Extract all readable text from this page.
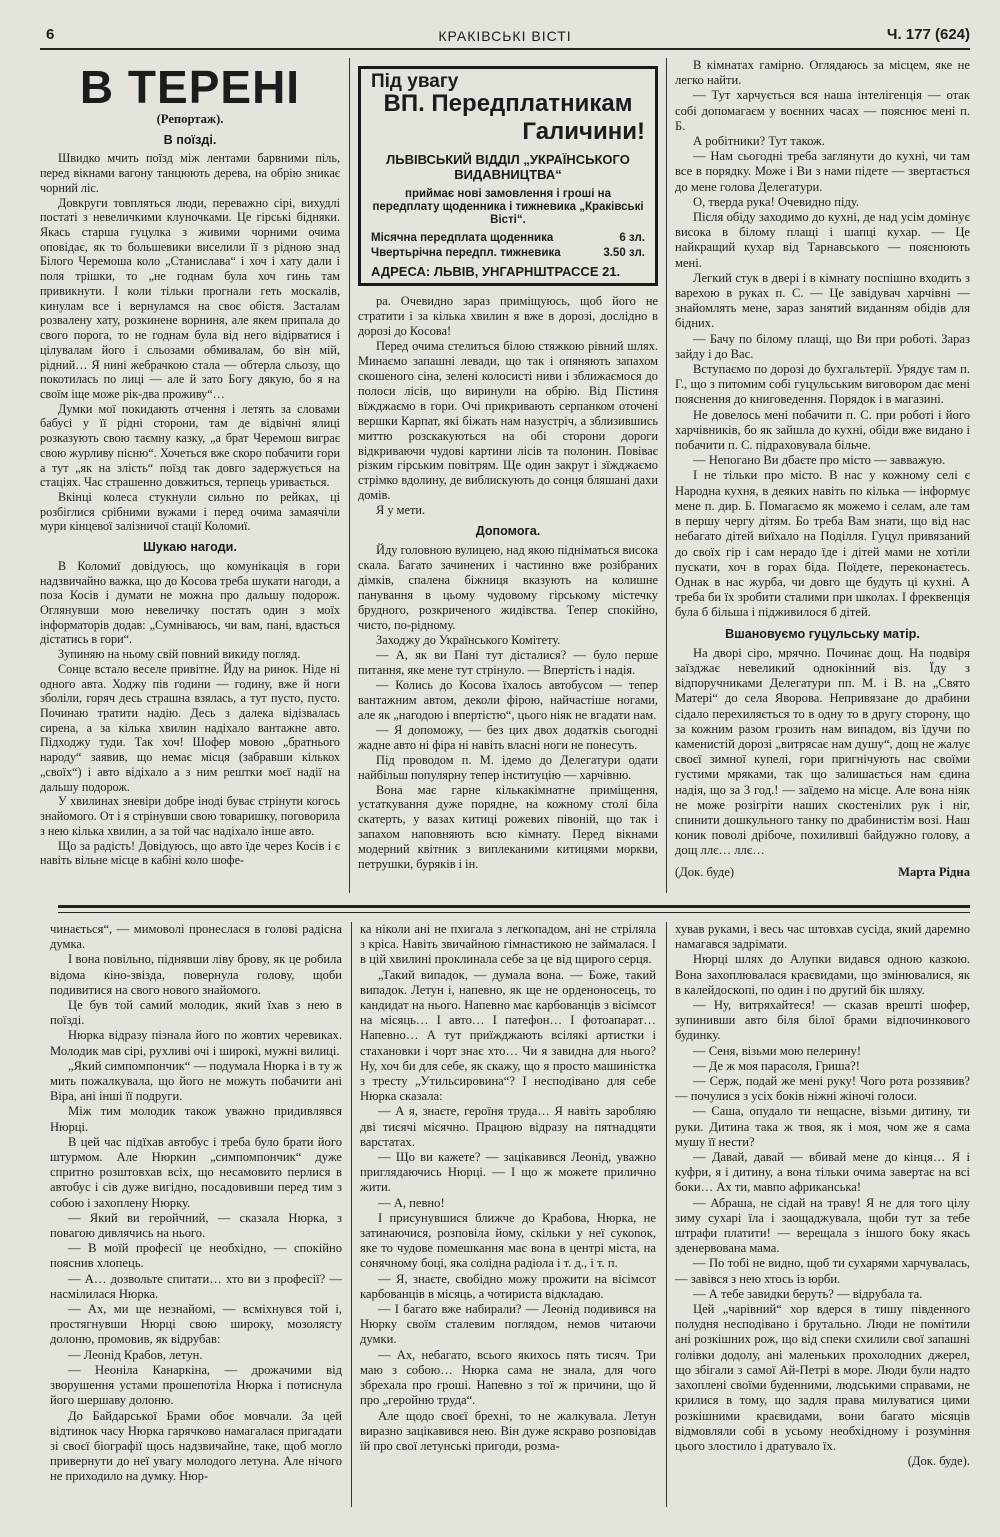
6	КРАКІВСЬКІ ВІСТІ	Ч. 177 (624)
В ТЕРЕНІ
(Репортаж).
В поїзді.

Швидко мчить поїзд між лентами барвними піль, перед вікнами вагону танцюють дерева, на обрію зникає чорний ліс.

Довкруги товпляться люди, переважно сірі, вихудлі постаті з невеличкими клуночками. Це гірські бідняки. Якась старша гуцулка з живими чорними очима оповідає, як то большевики виселили її з рідною знад Білого Черемоша коло „Станиславa“ і хоч і хату дали і поля трішки, то „не годнам була хоч гинь там привикнути. І коли тільки прогнали геть москалів, кинулам все і вернуламся на своє обістя. Застaлам розвалену хату, розкинене ворниня, але якем припала до свого порога, то не годнам була від него відірватися і цілувалам його і сльозами обмивалам, бо він мій, рідний… Я нині жебрачкою стала — обтерла сльозу, що покотилась по лиці — але й зато Богу дякую, бо я на своїм іще може рік-два проживу“…

Думки мої покидають отчення і летять за словами бабусі у її рідні сторони, там де відвічні ялиці розказують свою таємну казку, „а брат Черемош виграє свою журливу пісню“. Хочеться вже скоро побачити гори а тут „як на злість“ поїзд так довго задержується на стаціях. Час страшенно довжиться, терпець уривається.

Вкінці колеса стукнули сильно по рейках, ці розбіглися срібними вужами і перед очима замаячіли мури кінцевої залізничої стації Коломиї.

Шукаю нагоди.

В Коломиї довідуюсь, що комунікація в гори надзвичайно важка, що до Косова треба шукати нагоди, а поза Косів і думати не можна про дальшу подорож. Оглянувши мою невеличку постать один з моїх інформаторів додав: „Сумніваюсь, чи вам, пані, вдасться дістатись в гори“.

Зупиняю на ньому свій повний викиду погляд.

Сонце встало веселе привітне. Йду на ринок. Ніде ні одного авта. Ходжу пів години — годину, вже й ноги зболіли, горяч десь страшна взялась, а тут пусто, пусто. Починаю тратити надію. Десь з далека відізвалась сирена, а за кілька хвилин надіхало вантажне авто. Підходжу туди. Так хоч! Шофер мовою „братнього народу“ заявив, що немає місця (забравши кількох „своїх“) і авто відіхало а з ним рештки моєї надії на дальшу подорож.

У хвилинах зневіри добре іноді буває стрінути когось знайомого. От і я стрінувши свою товаришку, поговорила з нею кілька хвилин, а за той час надіхало інше авто.

Що за радість! Довідуюсь, що авто їде через Косів і є навіть вільне місце в кабіні коло шофе-

Під увагу
ВП. Передплатникам
Галичини!
ЛЬВІВСЬКИЙ ВІДДІЛ „УКРАЇНСЬКОГО ВИДАВНИЦТВА“
приймає нові замовлення і гроші на передплату щоденника і тижневика „Краківські Вісті“.
Місячна передплата щоденника	6 зл.
Чвертьрічна передпл. тижневика	3.50 зл.
АДРЕСА: ЛЬВІВ, УНГАРНШТРАССЕ 21.

ра. Очевидно зараз примiщуюсь, щоб його не стратити і за кілька хвилин я вже в дорозі, дослідно в дорозі до Косова!

Перед очима стелиться білою стяжкою рівний шлях. Минаємо запашні левади, що так і опяняють запахом скошеного сіна, зелені колосисті ниви і зближаємося до полоси лісів, що виринули на обрію. Від Пістиня вїжджаємо в гори. Очі прикривають серпанком оточені вершки Карпат, які біжать нам назустріч, а зблизившись миттю розскакуються на обі сторони дороги відкриваючи чудові картини лісів та полонин. Повіває різким гірським повітрям. Ще один закрут і зїжджаємо стрімко вдолину, де виблискують до сонця бляшані дахи домів.

Я у мети.

Допомога.

Йду головною вулицею, над якою підніматься висока скала. Багато зачинених і частинно вже розібраних дімків, спалена біжниця вказують на колишне панування в цьому чудовому гірському містечку брудного, розкриченого жидівства. Тепер спокійно, чисто, по-рідному.

Заходжу до Українського Комітету.

— А, як ви Пані тут дісталися? — було перше питання, яке мене тут стрінуло. — Впертість і надія.

— Колись до Косова їхалось автобусом — тепер вантажним автом, деколи фірою, найчастіше ногами, але як „нагодою і впертістю“, цього ніяк не вгадати нам.

— Я допоможу, — без цих двох додатків сьогодні жадне авто ні фіра ні навіть власні ноги не понесуть.

Під проводом п. М. ідемо до Делегатури одати найбільш популярну тепер інституцію — харчівню.

Вона має гарне кількакімнатне приміщення, устаткування дуже порядне, на кожному столі біла скатерть, у вазах китиці рожевих півоній, що так і запахом наповняють всю кімнату. Перед вікнами модерний квітник з виплеканими китицями моркви, петрушки, буряків і ін.

В кімнатах гамірно. Оглядаюсь за місцем, яке не легко найти.

— Тут харчується вся наша інтелігенція — отак собі допомагаєм у воєнних часах — пояснює мені п. Б.

А робітники? Тут також.

— Нам сьогодні треба заглянути до кухні, чи там все в порядку. Може і Ви з нами підете — звертається до мене голова Делегатури.

О, тверда рука! Очевидно піду.

Після обіду заходимо до кухні, де над усім домінує висока в білому плащі і шапці кухар. — Це найкращий кухар від Тарнавського — пояснюють мені.

Легкий стук в двері і в кімнату поспішно входить з варехою в руках п. С. — Це завідувач харчівні — знайомлять мене, зараз занятий виданням обідів для бідних.

— Бачу по білому плащі, що Ви при роботі. Зараз зайду і до Вас.

Вступаємо по дорозі до бухгальтерії. Урядує там п. Г., що з питомим собі гуцульським виговором дає мені пояснення до книговедення. Порядок і в магазині.

Не довелось мені побачити п. С. при роботі і його харчівників, бо як зайшла до кухні, обіди вже видано і побачити п. С. підраховувала більче.

— Непогано Ви дбаєте про місто — завважую.

І не тільки про місто. В нас у кожному селі є Народна кухня, в деяких навіть по кілька — інформує мене п. дир. Б. Помагаємо як можемо і селам, але там в першу чергу дітям. Бо треба Вам знати, що від нас небагато дітей виїхало на Поділля. Гуцул привязаний до своїх гір і сам нерадо їде і дітей мами не хотіли пускати, хоч в горах біда. Поїдете, переконаєтесь. Однак в нас журба, чи довго ще будуть ці кухні. А треба би їх зробити сталими при школах. І фреквенція була б більша і підживилося б дітей.

Вшановуємо гуцульську матір.

На дворі сіро, мрячно. Починає дощ. На подвіря заїзджає невеликий однокінний віз. Їду з відпоручниками Делегатури пп. М. і В. на „Свято Матері“ до села Яворова. Непривязане до драбини сідало перехиляється то в одну то в другу сторону, що за кожним разом грозить нам випадом, віз їдучи по каменистій дорозі „витрясає нам душу“, дощ не жалує своєї зимної купелі, гори пригнічують нас своїми густими мряками, так що залишається нам єдина надія, що за 3 год.! — заїдемо на місце. Але вона ніяк не може розігріти наших скостенілих рук і ніг, спинити дошкульного танку по драбинистім возі. Наш коник поволі дрібоче, похилившi байдужно голову, а дощ ллє… ллє…

(Док. буде)	Марта Рідна

чинається“, — мимоволі пронеслася в голові радісна думка.

І вона повільно, піднявши ліву брову, як це робила відома кіно-звізда, повернула голову, щоби подивитися на свого нового знайомого.

Це був той самий молодик, який їхав з нею в поїзді.

Нюрка відразу пізнала його по жовтих черевиках. Молодик мав сірі, рухливі очі і широкі, мужні вилиці.

„Який симпомпончик“ — подумала Нюрка і в ту ж мить пожалкувала, що його не можуть побачити ані Віра, ані інші її подруги.

Між тим молодик також уважно придивлявся Нюрці.

В цей час підїхав автобус і треба було брати його штурмом. Але Нюркин „симпомпончик“ дуже спритно розштовхав всіх, що несамовито перлися в автобус і сів дуже вигідно, посадовивши перед тим з собою і захоплену Нюрку.

— Який ви геройчний, — сказала Нюрка, з повагою дивлячись на нього.

— В моїй професії це необхідно, — спокійно пояснив хлопець.

— А… дозвольте спитати… хто ви з професії? — насмілилася Нюрка.

— Ах, ми ще незнайомі, — всміхнувся той і, простягнувши Нюрці свою широку, мозолясту долоню, промовив, як відрубав:

— Леонід Крабов, летун.

— Неоніла Канаркіна, — дрожачими від зворушення устами прошепотіла Нюрка і потиснула його шершаву долоню.

До Байдарської Брами обоє мовчали. За цей відтинок часу Нюрка гарячково намагалася пригадати зі своєї біографії щось надзвичайне, таке, щоб могло привернути до неї увагу молодого летуна. Але нічого не приходило на думку. Нюр-

ка ніколи ані не пхигала з легкопадом, ані не стріляла з кріса. Навіть звичайною гімнастикою не займалася. І в цій хвилині проклинала себе за це від щирого серця.

„Такий випадок, — думала вона. — Боже, такий випадок. Летун і, напевно, як ще не орденоносець, то кандидат на нього. Напевно має карбованців з вісімсот на місяць… І авто… І патефон… І фотоапарат… Напевно… А тут приїжджають всілякі артистки і стахановки і чорт знає хто… Чи я завидна для нього? Ну, хоч би для себе, як скажу, що я просто машиністка з тресту „Утильсировина“? І несподівано для себе Нюрка сказала:

— А я, знаєте, героїня труда… Я навіть заробляю дві тисячі місячно. Працюю відразу на пятнадцяти варстатах.

— Що ви кажете? — зацікавився Леонід, уважно приглядаючись Нюрці. — І що ж можете прилично жити.

— А, певно!

І присунувшися ближче до Крабова, Нюрка, не затинаючися, розповіла йому, скільки у неї сукоnок, яке то чудове помешкання має вона в центрі міста, на сонячному боці, яка солідна радіола і т. д., і т. п.

— Я, знаєте, свобідно можу прожити на вісімсот карбованців в місяць, а чотириста відкладаю.

— І багато вже набирали? — Леонід подивився на Нюрку своїм сталевим поглядом, немов читаючи думки.

— Ах, небагато, всього якихось пять тисяч. Три маю з собою… Нюрка сама не знала, для чого збрехала про гроші. Напевно з тої ж причини, що й про „геройню труда“.

Але щодо своєї брехні, то не жалкувала. Летун виразно зацікавився нею. Він дуже яскраво розповідав їй про свої летунські пригоди, розма-

хував руками, і весь час штовхав сусіда, який даремно намагався задрімати.

Нюрці шлях до Алупки видався одною казкою. Вона захоплювалася краєвидами, що змінювалися, як в калейдоскопі, по один і по другий бік шляху.

— Ну, витряхайтеся! — сказав врешті шофер, зупинивши авто біля білої брами відпочинкового будинку.

— Сеня, візьми мою пелерину!

— Де ж моя парасоля, Гриша?!

— Серж, подай же мені руку! Чого рота роззявив? — почулися з усіх боків ніжні жіночі голоси.

— Саша, опудало ти нещасне, візьми дитину, ти руки. Дитина така ж твоя, як і моя, чом же я сама мушу її нести?

— Давай, давай — вбивай мене до кінця… Я і куфри, я і дитину, а вона тільки очима завертає на всі боки… Ах ти, мавпо африканська!

— Абраша, не сідай на траву! Я не для того цілу зиму сухарі їла і заощаджувала, щоби тут за тебе штрафи платити! — верещала з іншого боку якась зденервована мама.

— По тобі не видно, щоб ти сухарями харчувалась, — завівся з нею хтось із юрби.

— А тебе завидки беруть? — відрубала та.

Цей „чарівний“ хор вдерся в тишу південного полудня несподівано і брутально. Люди не помітили ані розкішних рож, що від спеки схилили свої запашні голівки додолу, ані маленьких прохолодних джерел, що збігали з самої Ай-Петрі в море. Люди були надто захоплені своїми буденними, людськими справами, не крилися в тому, що задля права милуватися цими розкішними краєвидами, вони багато місяців відмовляли собі в усьому необхідному і розуміння цього злостило і дратувало їх.

(Док. буде).
